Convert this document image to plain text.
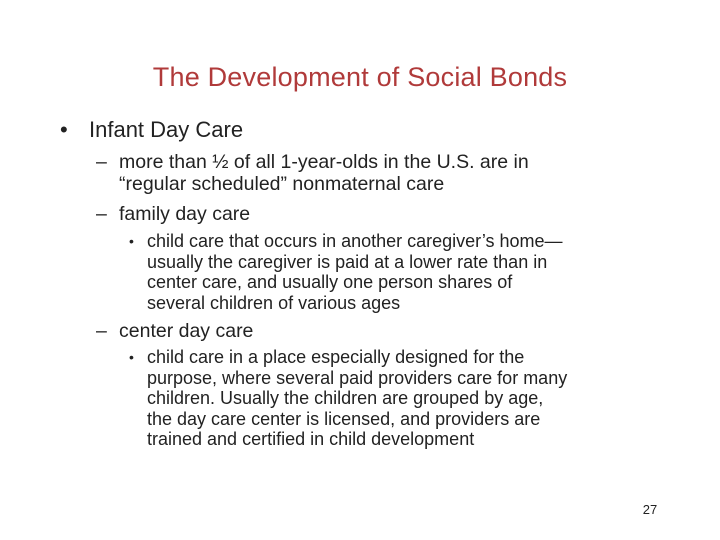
The Development of Social Bonds
• Infant Day Care
– more than ½ of all 1-year-olds in the U.S. are in
“regular scheduled” nonmaternal care
– family day care
• child care that occurs in another caregiver’s home—
usually the caregiver is paid at a lower rate than in
center care, and usually one person shares of
several children of various ages
– center day care
• child care in a place especially designed for the
purpose, where several paid providers care for many
children. Usually the children are grouped by age,
the day care center is licensed, and providers are
trained and certified in child development
27
